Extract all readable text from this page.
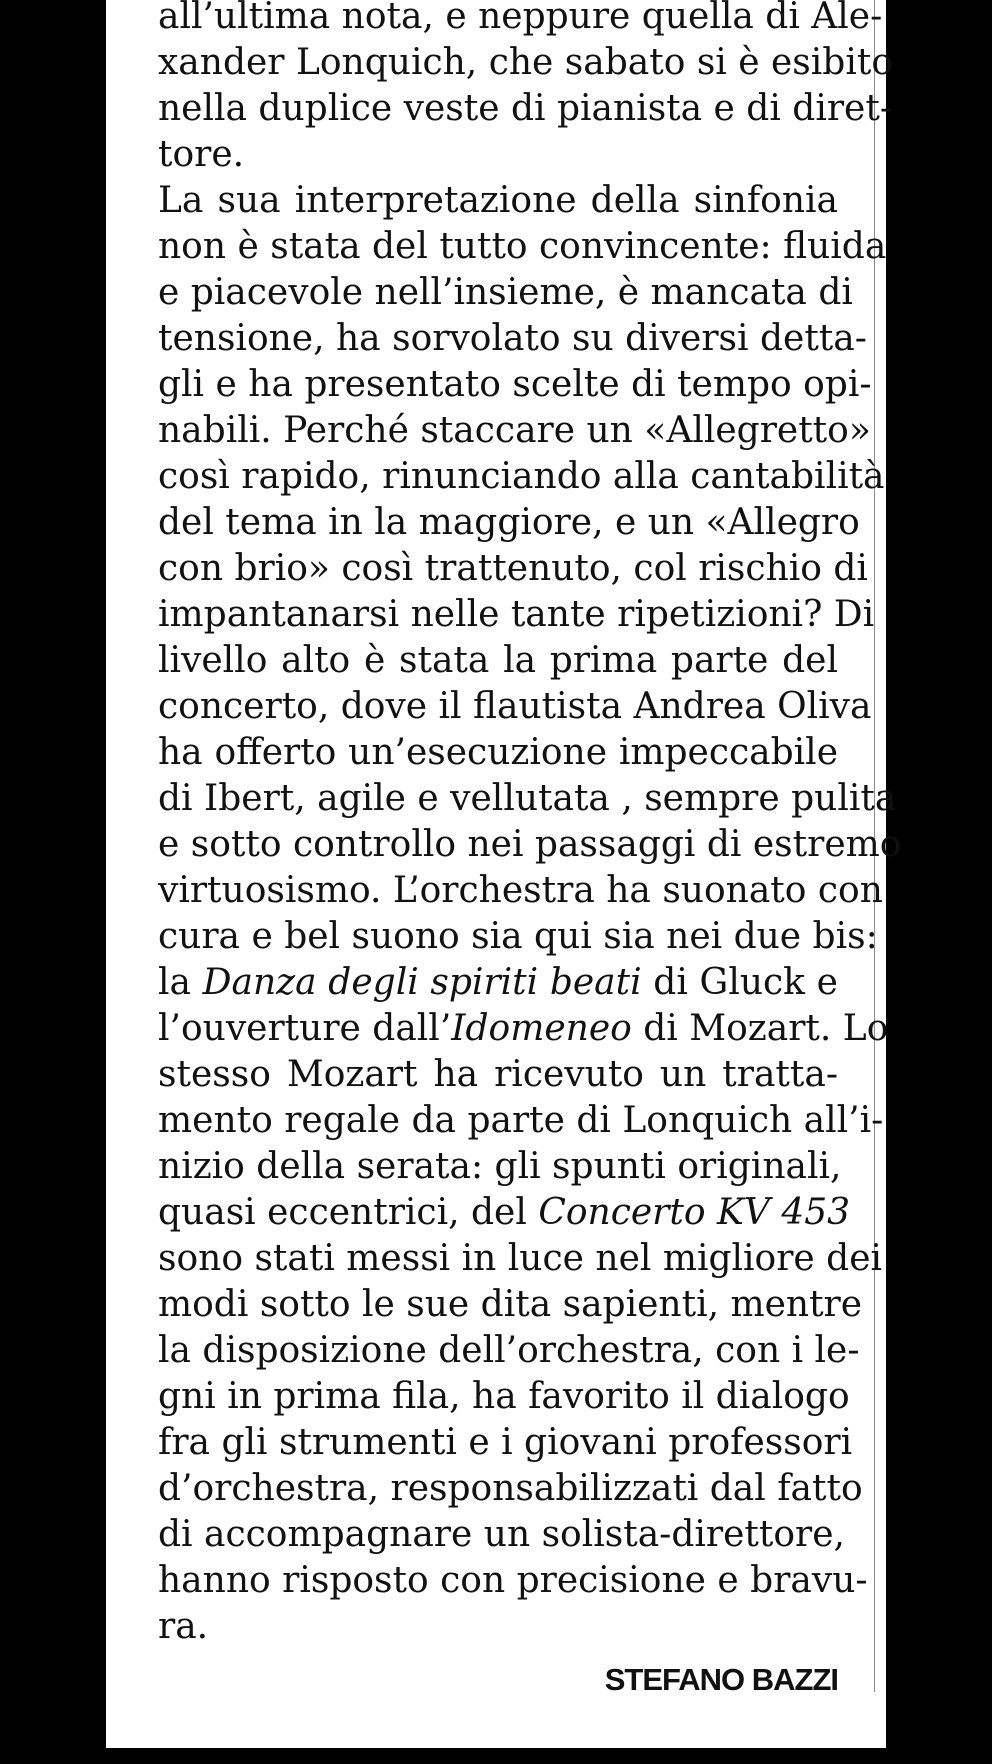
all’ultima nota, e neppure quella di Ale-
xander Lonquich, che sabato si è esibito
nella duplice veste di pianista e di diret-
tore.
La sua interpretazione della sinfonia
non è stata del tutto convincente: fluida
e piacevole nell’insieme, è mancata di
tensione, ha sorvolato su diversi detta-
gli e ha presentato scelte di tempo opi-
nabili. Perché staccare un «Allegretto»
così rapido, rinunciando alla cantabilità
del tema in la maggiore, e un «Allegro
con brio» così trattenuto, col rischio di
impantanarsi nelle tante ripetizioni? Di
livello alto è stata la prima parte del
concerto, dove il flautista Andrea Oliva
ha offerto un’esecuzione impeccabile
di Ibert, agile e vellutata , sempre pulita
e sotto controllo nei passaggi di estremo
virtuosismo. L’orchestra ha suonato con
cura e bel suono sia qui sia nei due bis:
la Danza degli spiriti beati di Gluck e
l’ouverture dall’Idomeneo di Mozart. Lo
stesso Mozart ha ricevuto un tratta-
mento regale da parte di Lonquich all’i-
nizio della serata: gli spunti originali,
quasi eccentrici, del Concerto KV 453
sono stati messi in luce nel migliore dei
modi sotto le sue dita sapienti, mentre
la disposizione dell’orchestra, con i le-
gni in prima fila, ha favorito il dialogo
fra gli strumenti e i giovani professori
d’orchestra, responsabilizzati dal fatto
di accompagnare un solista-direttore,
hanno risposto con precisione e bravu-
ra.
STEFANO BAZZI
